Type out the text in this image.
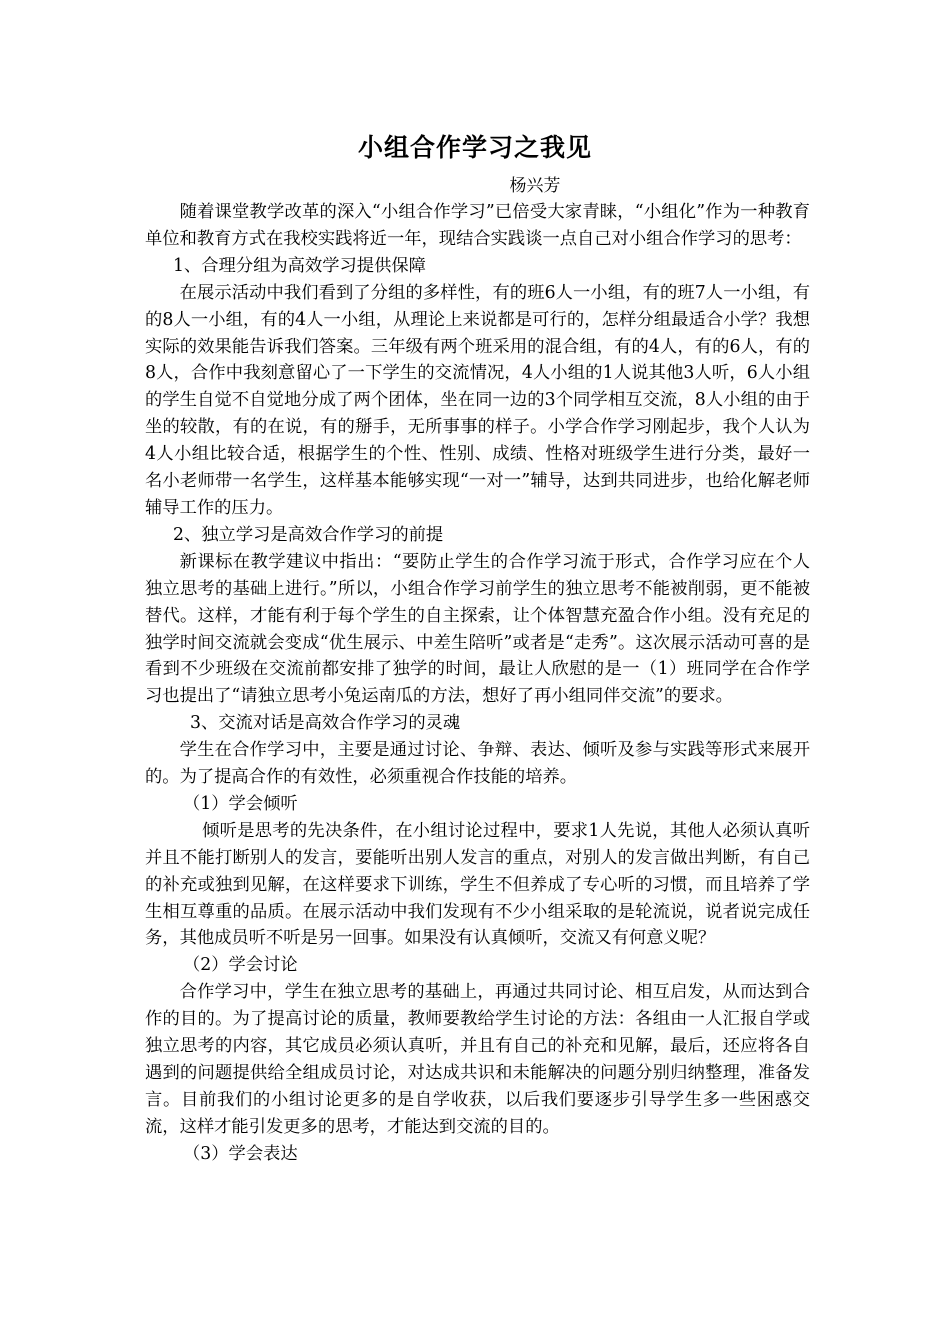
小组合作学习之我见
杨兴芳

随着课堂教学改革的深入“小组合作学习”已倍受大家青睐，“小组化”作为一种教育单位和教育方式在我校实践将近一年，现结合实践谈一点自己对小组合作学习的思考：

1、合理分组为高效学习提供保障

在展示活动中我们看到了分组的多样性，有的班6人一小组，有的班7人一小组，有的8人一小组，有的4人一小组，从理论上来说都是可行的，怎样分组最适合小学？我想实际的效果能告诉我们答案。三年级有两个班采用的混合组，有的4人，有的6人，有的8人，合作中我刻意留心了一下学生的交流情况，4人小组的1人说其他3人听，6人小组的学生自觉不自觉地分成了两个团体，坐在同一边的3个同学相互交流，8人小组的由于坐的较散，有的在说，有的掰手，无所事事的样子。小学合作学习刚起步，我个人认为4人小组比较合适，根据学生的个性、性别、成绩、性格对班级学生进行分类，最好一名小老师带一名学生，这样基本能够实现“一对一”辅导，达到共同进步，也给化解老师辅导工作的压力。

2、独立学习是高效合作学习的前提

新课标在教学建议中指出：“要防止学生的合作学习流于形式，合作学习应在个人独立思考的基础上进行。”所以，小组合作学习前学生的独立思考不能被削弱，更不能被替代。这样，才能有利于每个学生的自主探索，让个体智慧充盈合作小组。没有充足的独学时间交流就会变成“优生展示、中差生陪听”或者是“走秀”。这次展示活动可喜的是看到不少班级在交流前都安排了独学的时间，最让人欣慰的是一（1）班同学在合作学习也提出了“请独立思考小兔运南瓜的方法，想好了再小组同伴交流”的要求。

3、交流对话是高效合作学习的灵魂

学生在合作学习中，主要是通过讨论、争辩、表达、倾听及参与实践等形式来展开的。为了提高合作的有效性，必须重视合作技能的培养。

（1）学会倾听

倾听是思考的先决条件，在小组讨论过程中，要求1人先说，其他人必须认真听并且不能打断别人的发言，要能听出别人发言的重点，对别人的发言做出判断，有自己的补充或独到见解，在这样要求下训练，学生不但养成了专心听的习惯，而且培养了学生相互尊重的品质。在展示活动中我们发现有不少小组采取的是轮流说，说者说完成任务，其他成员听不听是另一回事。如果没有认真倾听，交流又有何意义呢？

（2）学会讨论

合作学习中，学生在独立思考的基础上，再通过共同讨论、相互启发，从而达到合作的目的。为了提高讨论的质量，教师要教给学生讨论的方法：各组由一人汇报自学或独立思考的内容，其它成员必须认真听，并且有自己的补充和见解，最后，还应将各自遇到的问题提供给全组成员讨论，对达成共识和未能解决的问题分别归纳整理，准备发言。目前我们的小组讨论更多的是自学收获，以后我们要逐步引导学生多一些困惑交流，这样才能引发更多的思考，才能达到交流的目的。

（3）学会表达
